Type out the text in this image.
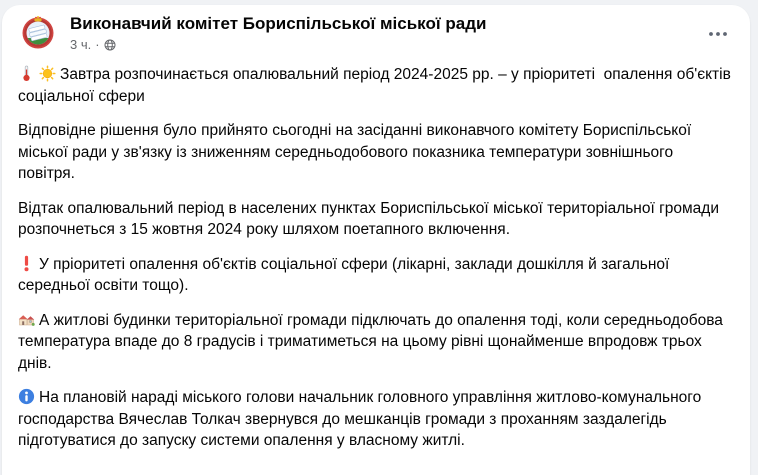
Виконавчий комітет Бориспільської міської ради
3 ч. ·
Завтра розпочинається опалювальний період 2024-2025 рр. – у пріоритеті  опалення об'єктів соціальної сфери
Відповідне рішення було прийнято сьогодні на засіданні виконавчого комітету Бориспільської міської ради у зв'язку із зниженням середньодобового показника температури зовнішнього повітря.
Відтак опалювальний період в населених пунктах Бориспільської міської територіальної громади розпочнеться з 15 жовтня 2024 року шляхом поетапного включення.
У пріоритеті опалення об'єктів соціальної сфери (лікарні, заклади дошкілля й загальної середньої освіти тощо).
А житлові будинки територіальної громади підключать до опалення тоді, коли середньодобова температура впаде до 8 градусів і триматиметься на цьому рівні щонайменше впродовж трьох днів.
На плановій нараді міського голови начальник головного управління житлово-комунального господарства Вячеслав Толкач звернувся до мешканців громади з проханням заздалегідь підготуватися до запуску системи опалення у власному житлі.
